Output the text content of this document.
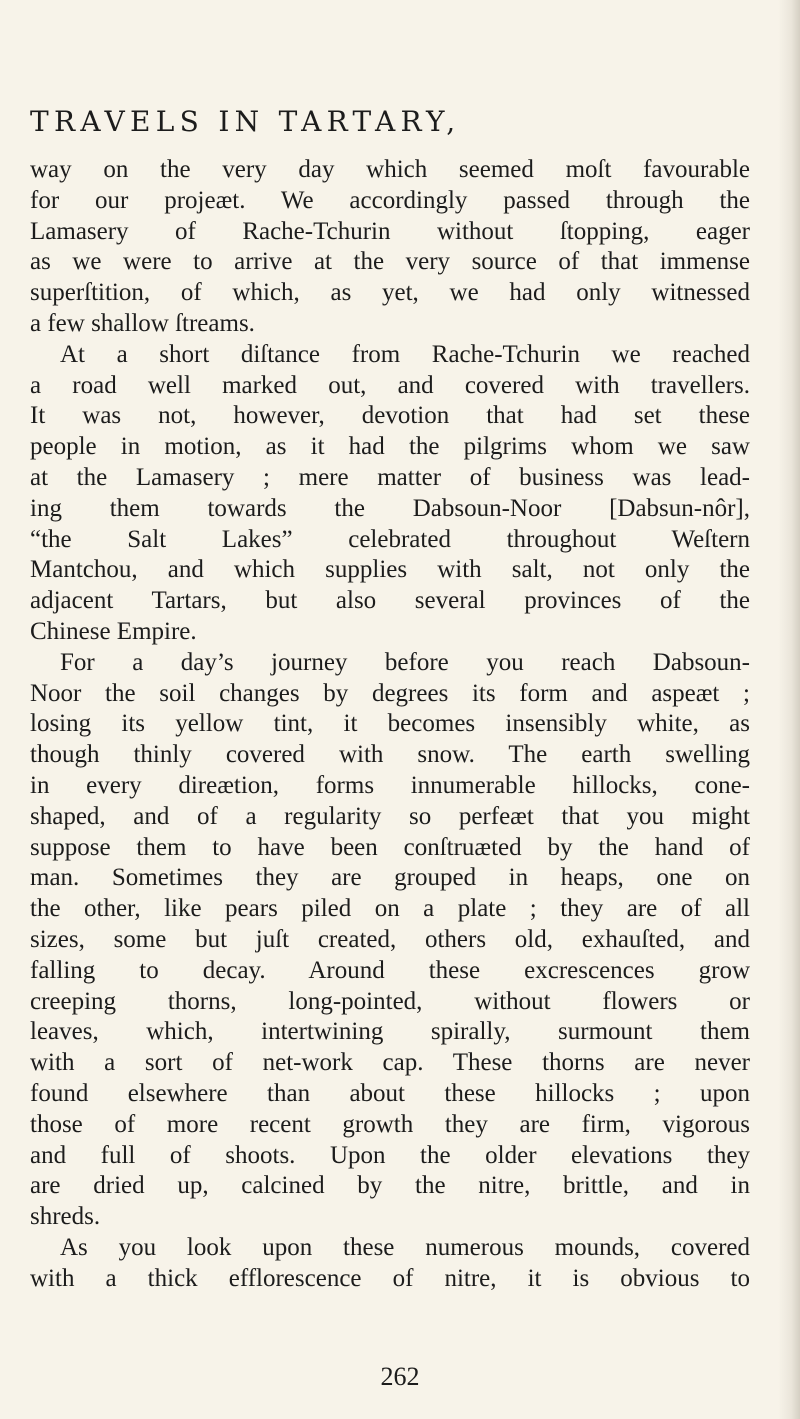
TRAVELS IN TARTARY,
way on the very day which seemed moſt favourable
for our projeæt. We accordingly passed through the
Lamasery of Rache-Tchurin without ſtopping, eager
as we were to arrive at the very source of that immense
superſtition, of which, as yet, we had only witnessed
a few shallow ſtreams.
At a short diſtance from Rache-Tchurin we reached
a road well marked out, and covered with travellers.
It was not, however, devotion that had set these
people in motion, as it had the pilgrims whom we saw
at the Lamasery ; mere matter of business was lead-
ing them towards the Dabsoun-Noor [Dabsun-nôr],
“the Salt Lakes” celebrated throughout Weſtern
Mantchou, and which supplies with salt, not only the
adjacent Tartars, but also several provinces of the
Chinese Empire.
For a day’s journey before you reach Dabsoun-
Noor the soil changes by degrees its form and aspeæt ;
losing its yellow tint, it becomes insensibly white, as
though thinly covered with snow. The earth swelling
in every direætion, forms innumerable hillocks, cone-
shaped, and of a regularity so perfeæt that you might
suppose them to have been conſtruæted by the hand of
man. Sometimes they are grouped in heaps, one on
the other, like pears piled on a plate ; they are of all
sizes, some but juſt created, others old, exhauſted, and
falling to decay. Around these excrescences grow
creeping thorns, long-pointed, without flowers or
leaves, which, intertwining spirally, surmount them
with a sort of net-work cap. These thorns are never
found elsewhere than about these hillocks ; upon
those of more recent growth they are firm, vigorous
and full of shoots. Upon the older elevations they
are dried up, calcined by the nitre, brittle, and in
shreds.
As you look upon these numerous mounds, covered
with a thick efflorescence of nitre, it is obvious to
262
